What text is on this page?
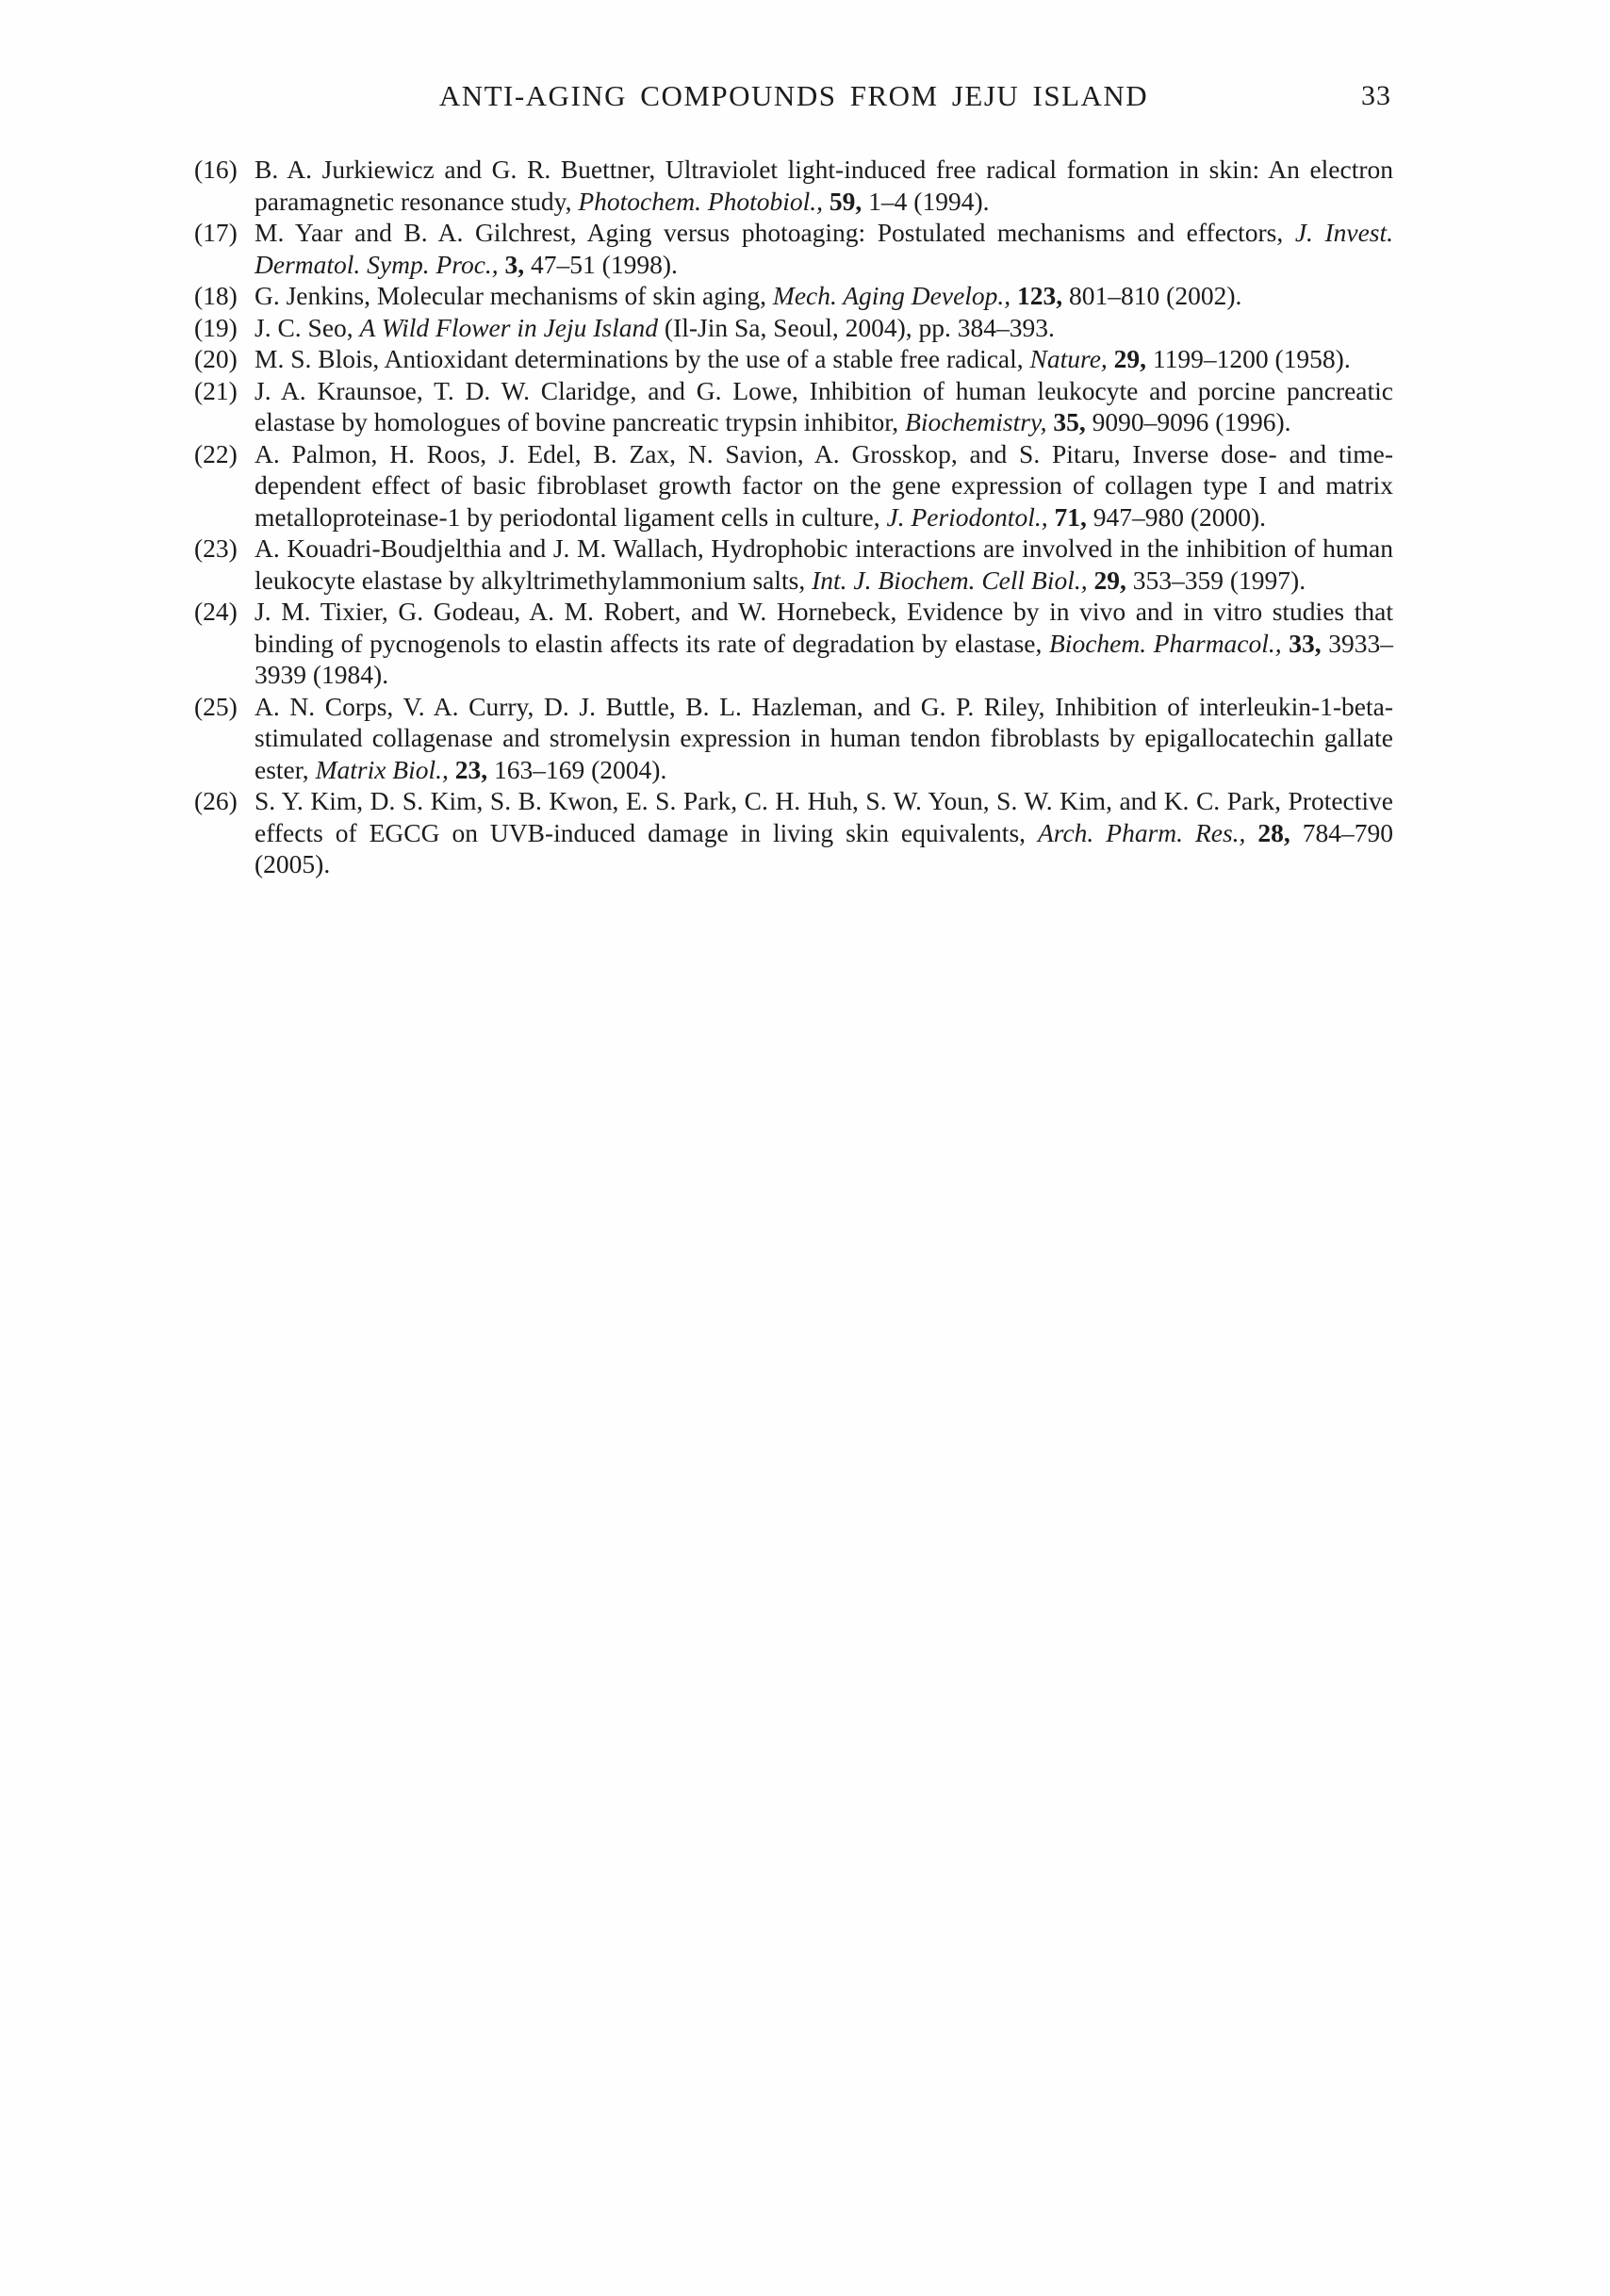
ANTI-AGING COMPOUNDS FROM JEJU ISLAND	33
(16) B. A. Jurkiewicz and G. R. Buettner, Ultraviolet light-induced free radical formation in skin: An electron paramagnetic resonance study, Photochem. Photobiol., 59, 1–4 (1994).
(17) M. Yaar and B. A. Gilchrest, Aging versus photoaging: Postulated mechanisms and effectors, J. Invest. Dermatol. Symp. Proc., 3, 47–51 (1998).
(18) G. Jenkins, Molecular mechanisms of skin aging, Mech. Aging Develop., 123, 801–810 (2002).
(19) J. C. Seo, A Wild Flower in Jeju Island (Il-Jin Sa, Seoul, 2004), pp. 384–393.
(20) M. S. Blois, Antioxidant determinations by the use of a stable free radical, Nature, 29, 1199–1200 (1958).
(21) J. A. Kraunsoe, T. D. W. Claridge, and G. Lowe, Inhibition of human leukocyte and porcine pancreatic elastase by homologues of bovine pancreatic trypsin inhibitor, Biochemistry, 35, 9090–9096 (1996).
(22) A. Palmon, H. Roos, J. Edel, B. Zax, N. Savion, A. Grosskop, and S. Pitaru, Inverse dose- and time-dependent effect of basic fibroblaset growth factor on the gene expression of collagen type I and matrix metalloproteinase-1 by periodontal ligament cells in culture, J. Periodontol., 71, 947–980 (2000).
(23) A. Kouadri-Boudjelthia and J. M. Wallach, Hydrophobic interactions are involved in the inhibition of human leukocyte elastase by alkyltrimethylammonium salts, Int. J. Biochem. Cell Biol., 29, 353–359 (1997).
(24) J. M. Tixier, G. Godeau, A. M. Robert, and W. Hornebeck, Evidence by in vivo and in vitro studies that binding of pycnogenols to elastin affects its rate of degradation by elastase, Biochem. Pharmacol., 33, 3933–3939 (1984).
(25) A. N. Corps, V. A. Curry, D. J. Buttle, B. L. Hazleman, and G. P. Riley, Inhibition of interleukin-1-beta-stimulated collagenase and stromelysin expression in human tendon fibroblasts by epigallocatechin gallate ester, Matrix Biol., 23, 163–169 (2004).
(26) S. Y. Kim, D. S. Kim, S. B. Kwon, E. S. Park, C. H. Huh, S. W. Youn, S. W. Kim, and K. C. Park, Protective effects of EGCG on UVB-induced damage in living skin equivalents, Arch. Pharm. Res., 28, 784–790 (2005).
